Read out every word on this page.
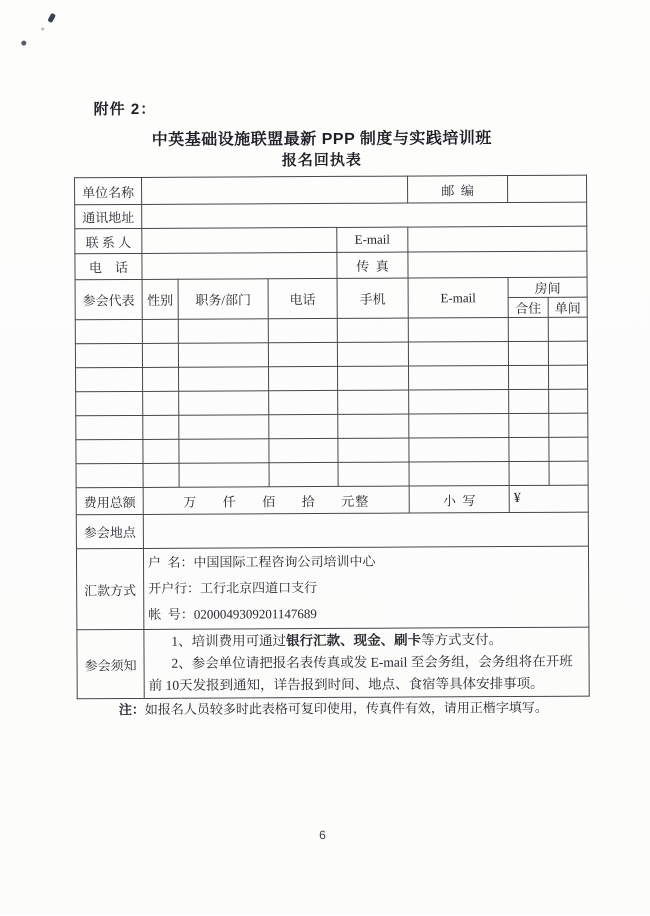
附件 2：
中英基础设施联盟最新 PPP 制度与实践培训班
报名回执表
单位名称					邮  编		
通讯地址							
联 系 人				E-mail			
电    话				传  真			
参会代表	性别	职务/部门	电话	手机	E-mail	房间	
						合住	单间

费用总额	万      仟      佰      拾      元整				小  写	¥	
参会地点							
汇款方式	户  名：中国国际工程咨询公司培训中心
开户行：工行北京四道口支行
帐  号：0200049309201147689						

参会须知	1、培训费用可通过银行汇款、现金、刷卡等方式支付。

2、参会单位请把报名表传真或发 E-mail 至会务组，会务组将在开班前 10天发报到通知，详告报到时间、地点、食宿等具体安排事项。						

注：如报名人员较多时此表格可复印使用，传真件有效，请用正楷字填写。
6
